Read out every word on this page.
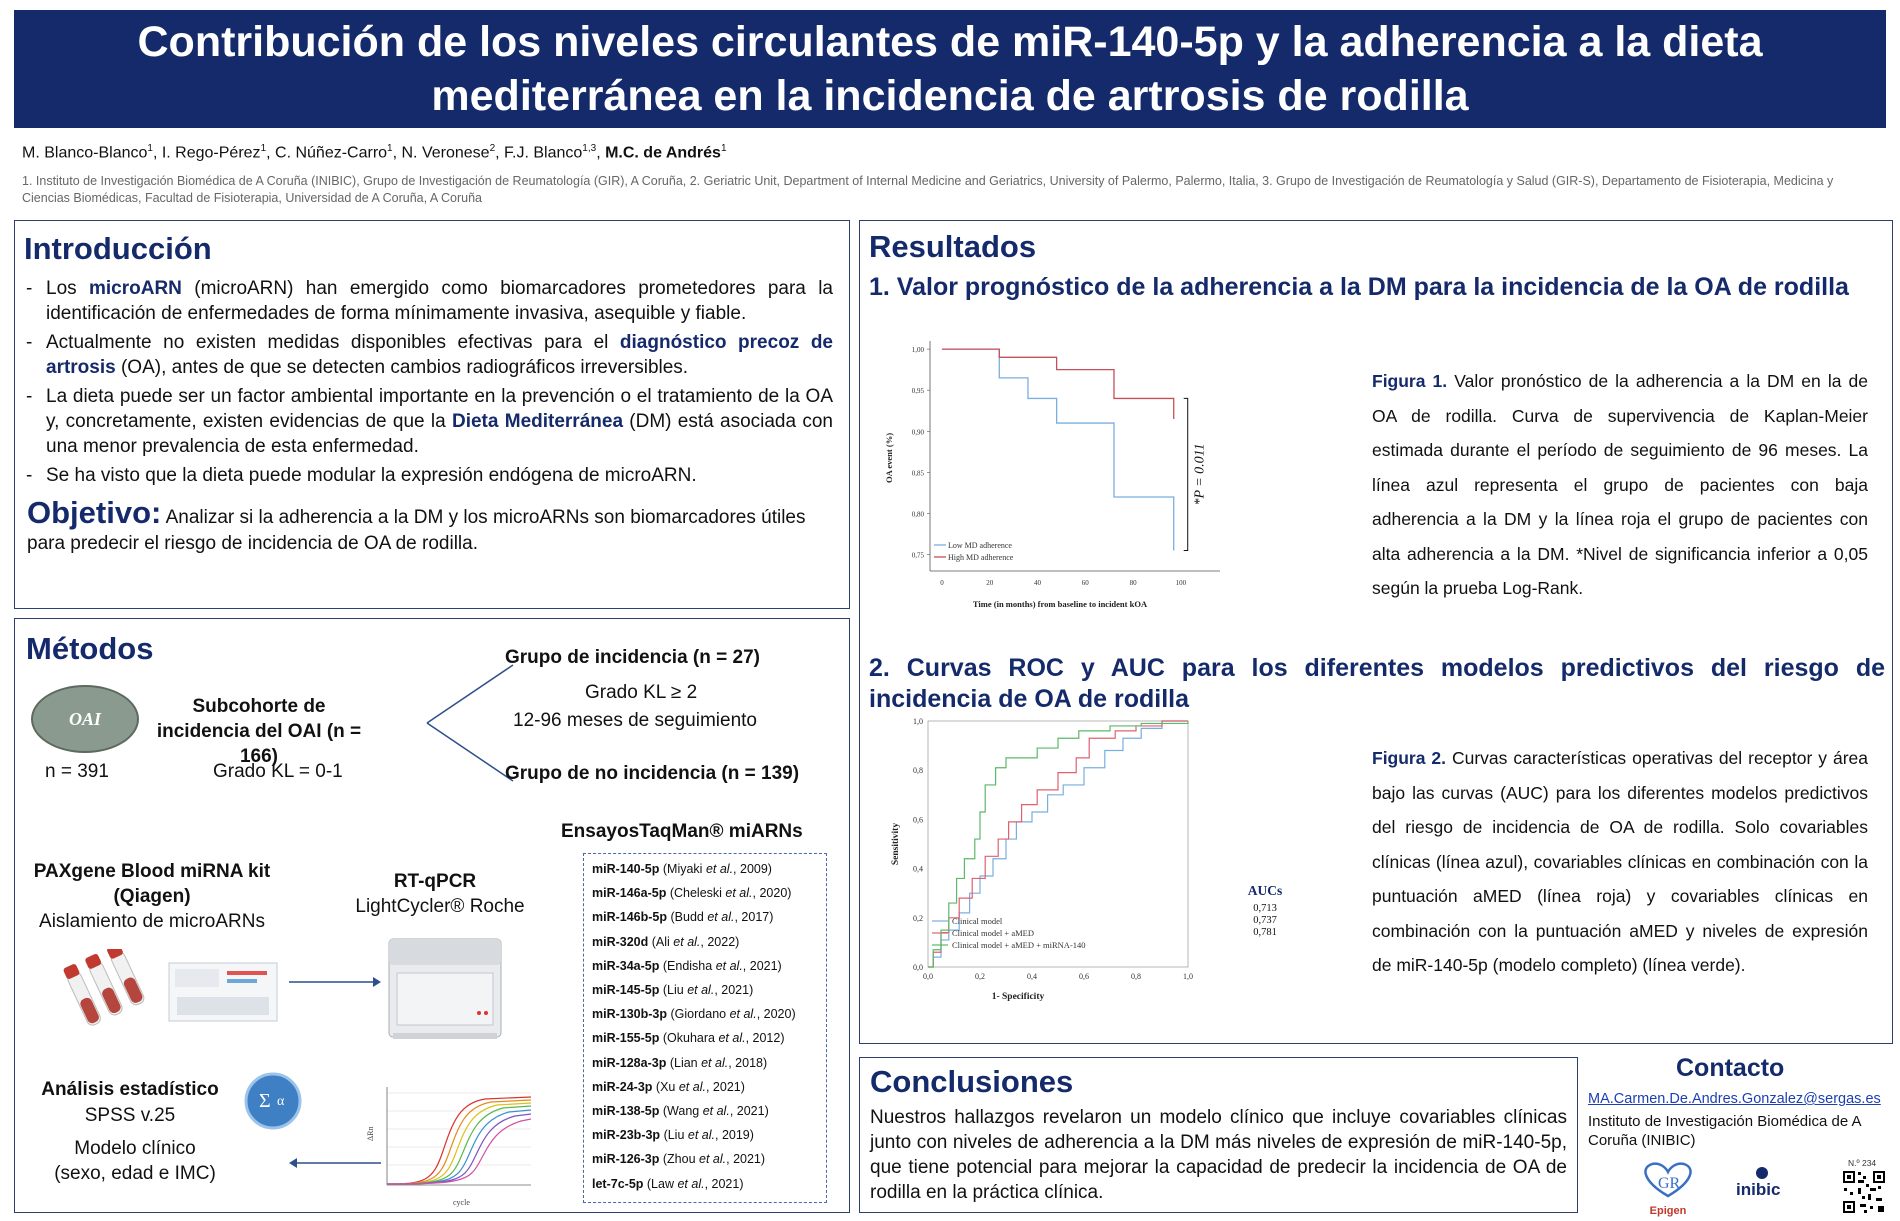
Contribución de los niveles circulantes de miR-140-5p y la adherencia a la dieta
mediterránea en la incidencia de artrosis de rodilla
M. Blanco-Blanco$^1$, I. Rego-Pérez$^1$, C. Núñez-Carro$^1$, N. Veronese$^2$, F.J. Blanco$^{1,3}$, M.C. de Andrés$^1$
1. Instituto de Investigación Biomédica de A Coruña (INIBIC), Grupo de Investigación de Reumatología (GIR), A Coruña, 2. Geriatric Unit, Department of Internal Medicine and Geriatrics, University of Palermo, Palermo, Italia, 3. Grupo de Investigación de Reumatología y Salud (GIR-S), Departamento de Fisioterapia, Medicina y Ciencias Biomédicas, Facultad de Fisioterapia, Universidad de A Coruña, A Coruña
Introducción
- Los microARN (microARN) han emergido como biomarcadores prometedores para la identificación de enfermedades de forma mínimamente invasiva, asequible y fiable.
- Actualmente no existen medidas disponibles efectivas para el diagnóstico precoz de artrosis (OA), antes de que se detecten cambios radiográficos irreversibles.
- La dieta puede ser un factor ambiental importante en la prevención o el tratamiento de la OA y, concretamente, existen evidencias de que la Dieta Mediterránea (DM) está asociada con una menor prevalencia de esta enfermedad.
- Se ha visto que la dieta puede modular la expresión endógena de microARN.
Objetivo: Analizar si la adherencia a la DM y los microARNs son biomarcadores útiles para predecir el riesgo de incidencia de OA de rodilla.
Métodos
OAI
Subcohorte de incidencia del OAI (n = 166)
n = 391	Grado KL = 0-1
Grupo de incidencia (n = 27)
Grado KL ≥ 2
12-96 meses de seguimiento
Grupo de no incidencia (n = 139)
PAXgene Blood miRNA kit (Qiagen)
Aislamiento de microARNs
RT-qPCR
LightCycler® Roche
Análisis estadístico
SPSS v.25
Modelo clínico
(sexo, edad e IMC)
Σ α
ΔRn
cycle
EnsayosTaqMan® miARNs
miR-140-5p (Miyaki et al., 2009)
miR-146a-5p (Cheleski et al., 2020)
miR-146b-5p (Budd et al., 2017)
miR-320d (Ali et al., 2022)
miR-34a-5p (Endisha et al., 2021)
miR-145-5p (Liu et al., 2021)
miR-130b-3p (Giordano et al., 2020)
miR-155-5p (Okuhara et al., 2012)
miR-128a-3p (Lian et al., 2018)
miR-24-3p (Xu et al., 2021)
miR-138-5p (Wang et al., 2021)
miR-23b-3p (Liu et al., 2019)
miR-126-3p (Zhou et al., 2021)
let-7c-5p (Law et al., 2021)
Resultados
1. Valor prognóstico de la adherencia a la DM para la incidencia de la OA de rodilla
0,75
0,80
0,85
0,90
0,95
1,00
0	20	40	60	80	100
Time (in months) from baseline to incident kOA
OA event (%)
Low MD adherence
High MD adherence
*P = 0.011
Figura 1. Valor pronóstico de la adherencia a la DM en la de OA de rodilla. Curva de supervivencia de Kaplan-Meier estimada durante el período de seguimiento de 96 meses. La línea azul representa el grupo de pacientes con baja adherencia a la DM y la línea roja el grupo de pacientes con alta adherencia a la DM. *Nivel de significancia inferior a 0,05 según la prueba Log-Rank.
2. Curvas ROC y AUC para los diferentes modelos predictivos del riesgo de incidencia de OA de rodilla
0,0
0,2
0,4
0,6
0,8
1,0
0,0	0,2	0,4	0,6	0,8	1,0
1- Specificity
Sensitivity
Clinical model
0,713
Clinical model + aMED
0,737
Clinical model + aMED + miRNA-140
0,781
AUCs
Figura 2. Curvas características operativas del receptor y área bajo las curvas (AUC) para los diferentes modelos predictivos del riesgo de incidencia de OA de rodilla. Solo covariables clínicas (línea azul), covariables clínicas en combinación con la puntuación aMED (línea roja) y covariables clínicas en combinación con la puntuación aMED y niveles de expresión de miR-140-5p (modelo completo) (línea verde).
Conclusiones
Nuestros hallazgos revelaron un modelo clínico que incluye covariables clínicas junto con niveles de adherencia a la DM más niveles de expresión de miR-140-5p, que tiene potencial para mejorar la capacidad de predecir la incidencia de OA de rodilla en la práctica clínica.
Contacto
MA.Carmen.De.Andres.Gonzalez@sergas.es
Instituto de Investigación Biomédica de A Coruña (INIBIC)
GR
Epigen
inibic
N.º 234
